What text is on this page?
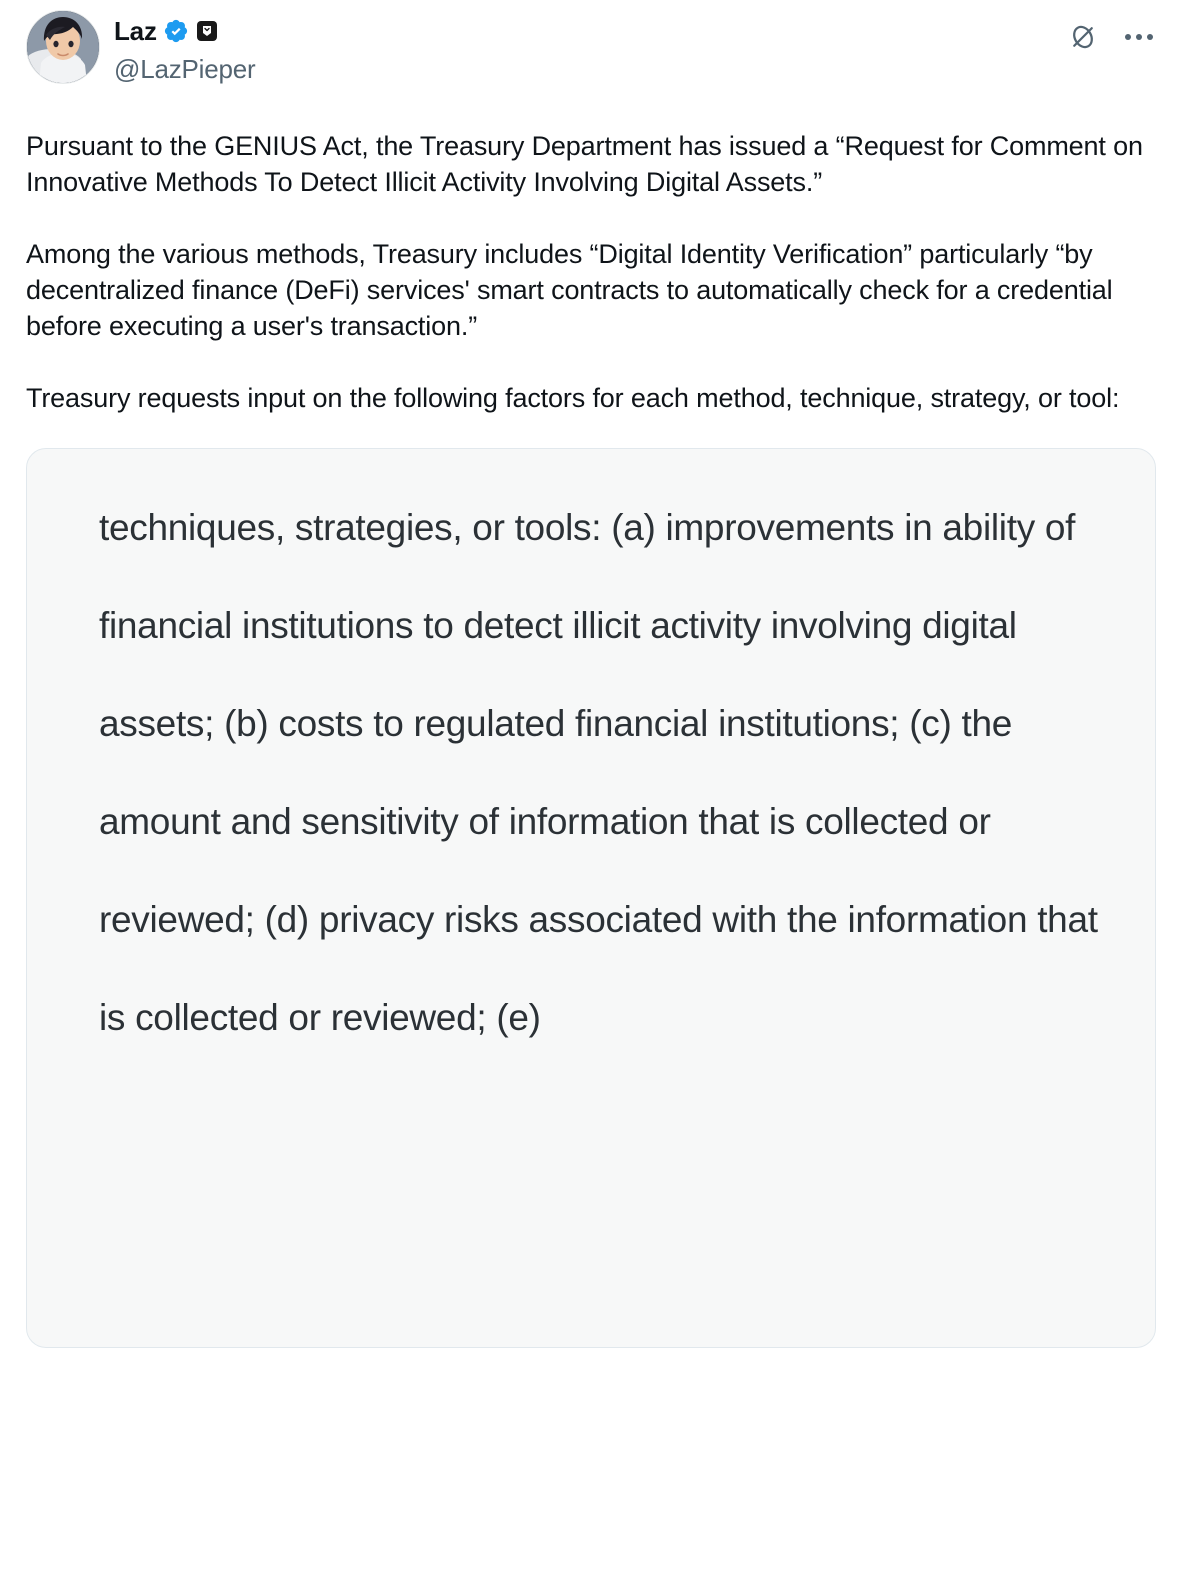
Laz
@LazPieper

Pursuant to the GENIUS Act, the Treasury Department has issued a “Request for Comment on Innovative Methods To Detect Illicit Activity Involving Digital Assets.”

Among the various methods, Treasury includes “Digital Identity Verification” particularly “by decentralized finance (DeFi) services' smart contracts to automatically check for a credential before executing a user's transaction.”

Treasury requests input on the following factors for each method, technique, strategy, or tool:

techniques, strategies, or tools: (a) improvements in ability of financial institutions to detect illicit activity involving digital assets; (b) costs to regulated financial institutions; (c) the amount and sensitivity of information that is collected or reviewed; (d) privacy risks associated with the information that is collected or reviewed; (e)
